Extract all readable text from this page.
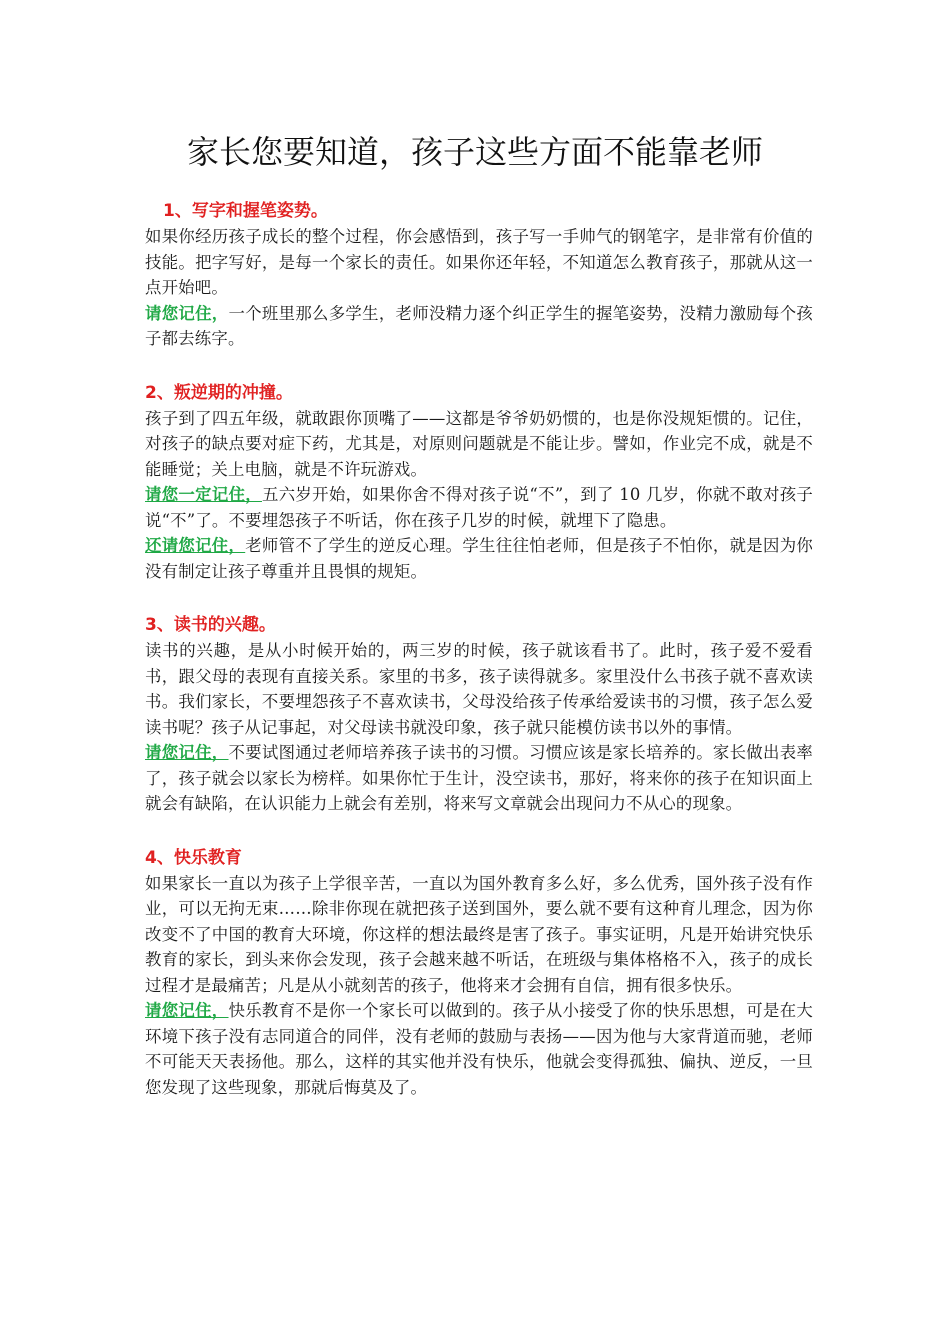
家长您要知道，孩子这些方面不能靠老师

1、写字和握笔姿势。

如果你经历孩子成长的整个过程，你会感悟到，孩子写一手帅气的钢笔字，是非常有价值的技能。把字写好，是每一个家长的责任。如果你还年轻，不知道怎么教育孩子，那就从这一点开始吧。

请您记住，一个班里那么多学生，老师没精力逐个纠正学生的握笔姿势，没精力激励每个孩子都去练字。

2、叛逆期的冲撞。

孩子到了四五年级，就敢跟你顶嘴了——这都是爷爷奶奶惯的，也是你没规矩惯的。记住，对孩子的缺点要对症下药，尤其是，对原则问题就是不能让步。譬如，作业完不成，就是不能睡觉；关上电脑，就是不许玩游戏。

请您一定记住，五六岁开始，如果你舍不得对孩子说“不”，到了 10 几岁，你就不敢对孩子说“不”了。不要埋怨孩子不听话，你在孩子几岁的时候，就埋下了隐患。

还请您记住，老师管不了学生的逆反心理。学生往往怕老师，但是孩子不怕你，就是因为你没有制定让孩子尊重并且畏惧的规矩。

3、读书的兴趣。

读书的兴趣，是从小时候开始的，两三岁的时候，孩子就该看书了。此时，孩子爱不爱看书，跟父母的表现有直接关系。家里的书多，孩子读得就多。家里没什么书孩子就不喜欢读书。我们家长，不要埋怨孩子不喜欢读书，父母没给孩子传承给爱读书的习惯，孩子怎么爱读书呢？孩子从记事起，对父母读书就没印象，孩子就只能模仿读书以外的事情。

请您记住，不要试图通过老师培养孩子读书的习惯。习惯应该是家长培养的。家长做出表率了，孩子就会以家长为榜样。如果你忙于生计，没空读书，那好，将来你的孩子在知识面上就会有缺陷，在认识能力上就会有差别，将来写文章就会出现问力不从心的现象。

4、快乐教育

如果家长一直以为孩子上学很辛苦，一直以为国外教育多么好，多么优秀，国外孩子没有作业，可以无拘无束……除非你现在就把孩子送到国外，要么就不要有这种育儿理念，因为你改变不了中国的教育大环境，你这样的想法最终是害了孩子。事实证明，凡是开始讲究快乐教育的家长，到头来你会发现，孩子会越来越不听话，在班级与集体格格不入，孩子的成长过程才是最痛苦；凡是从小就刻苦的孩子，他将来才会拥有自信，拥有很多快乐。

请您记住，快乐教育不是你一个家长可以做到的。孩子从小接受了你的快乐思想，可是在大环境下孩子没有志同道合的同伴，没有老师的鼓励与表扬——因为他与大家背道而驰，老师不可能天天表扬他。那么，这样的其实他并没有快乐，他就会变得孤独、偏执、逆反，一旦您发现了这些现象，那就后悔莫及了。
